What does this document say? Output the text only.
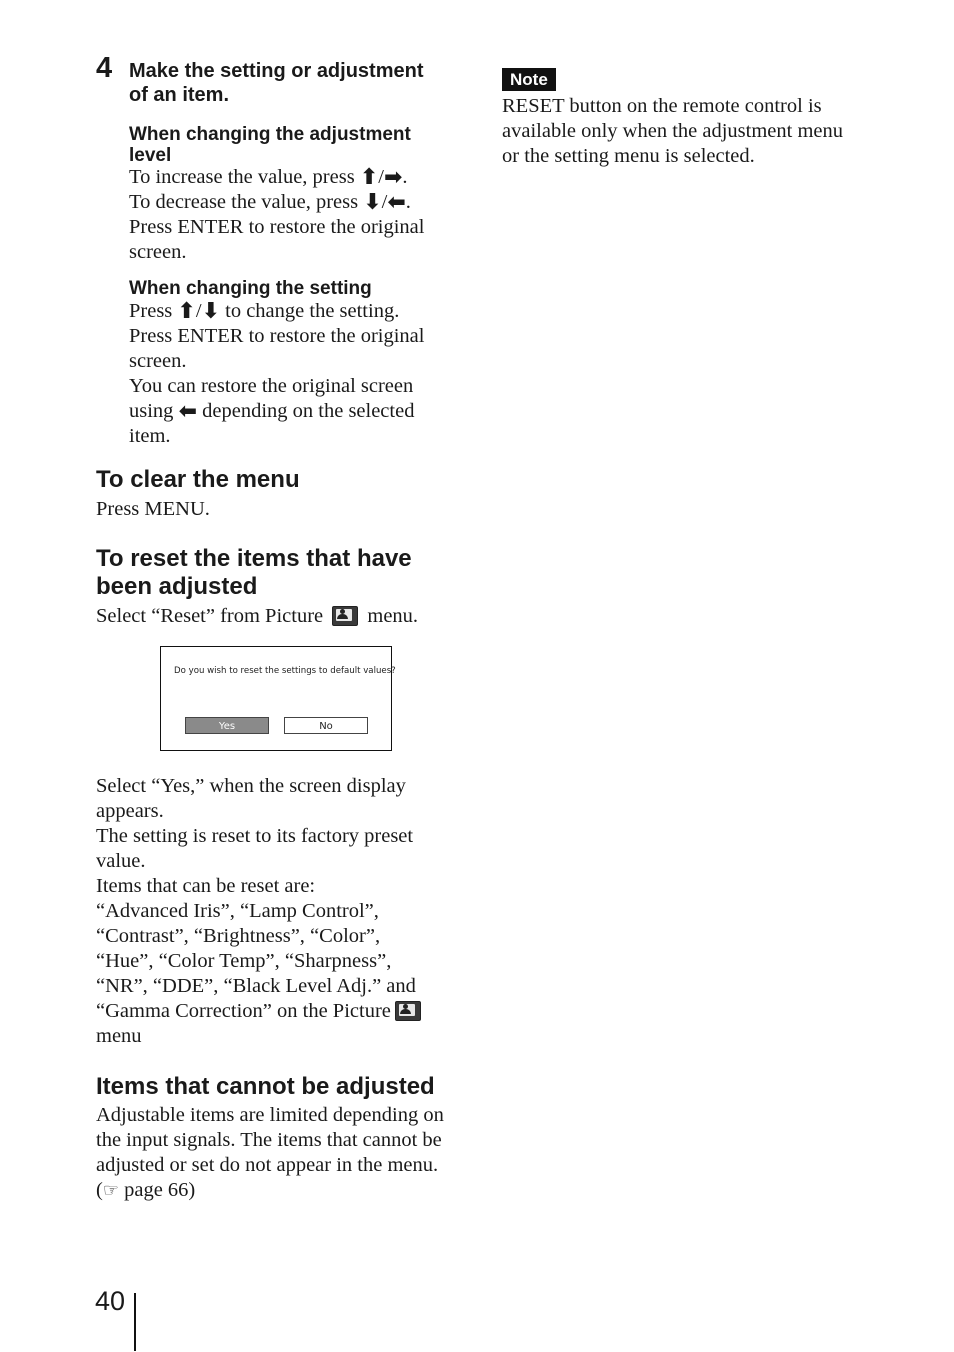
4 Make the setting or adjustment
of an item.
When changing the adjustment
level

To increase the value, press ⬆/➡.

To decrease the value, press ⬇/⬅.

Press ENTER to restore the original

screen.

When changing the setting

Press ⬆/⬇ to change the setting.

Press ENTER to restore the original

screen.

You can restore the original screen

using ⬅ depending on the selected

item.

To clear the menu
Press MENU.
To reset the items that have
been adjusted
Select “Reset” from Picture menu.
Do you wish to reset the settings to default values?
Yes	No

Select “Yes,” when the screen display

appears.

The setting is reset to its factory preset

value.

Items that can be reset are:

“Advanced Iris”, “Lamp Control”,

“Contrast”, “Brightness”, “Color”,

“Hue”, “Color Temp”, “Sharpness”,

“NR”, “DDE”, “Black Level Adj.” and

“Gamma Correction” on the Picture

menu

Items that cannot be adjusted

Adjustable items are limited depending on

the input signals. The items that cannot be

adjusted or set do not appear in the menu.

(☞ page 66)

Note

RESET button on the remote control is

available only when the adjustment menu

or the setting menu is selected.

40
